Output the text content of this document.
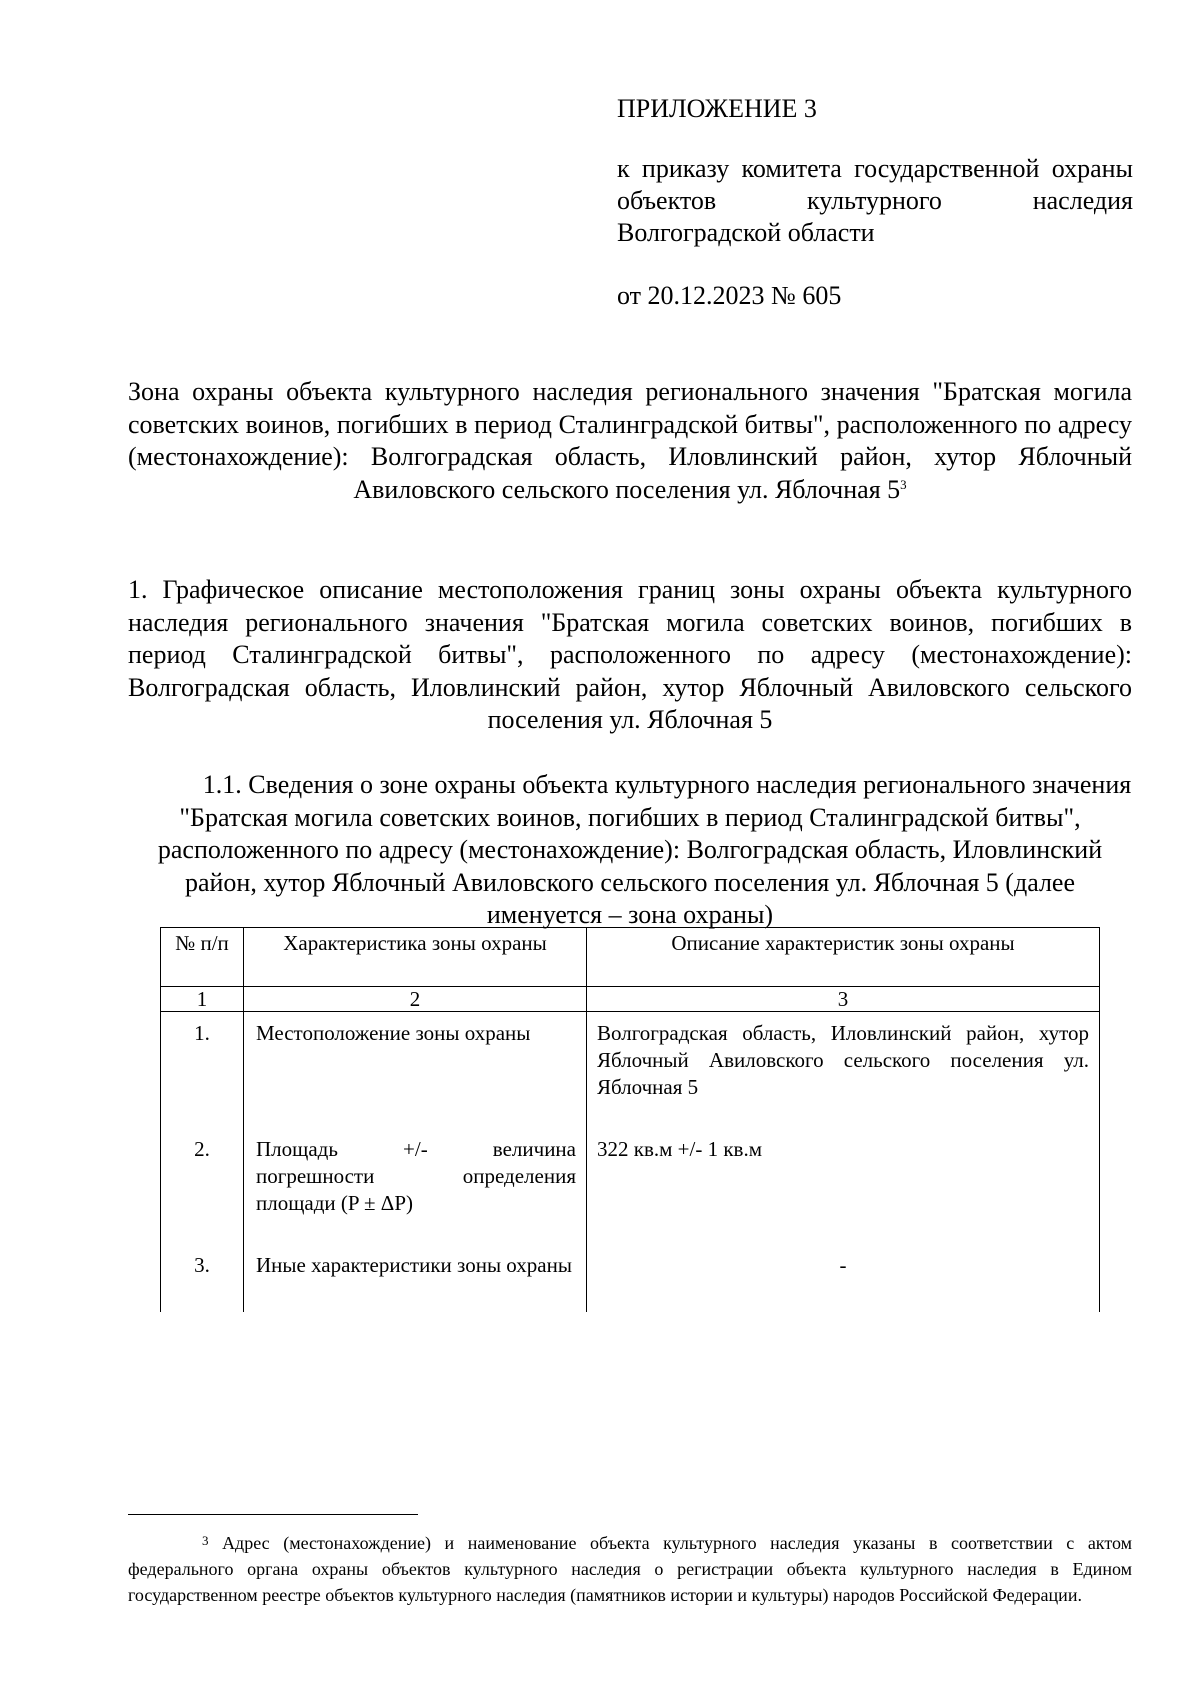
ПРИЛОЖЕНИЕ 3
к приказу комитета государственной охраны объектов культурного наследия Волгоградской области
от 20.12.2023 № 605
Зона охраны объекта культурного наследия регионального значения "Братская могила советских воинов, погибших в период Сталинградской битвы", расположенного по адресу (местонахождение): Волгоградская область, Иловлинский район, хутор Яблочный Авиловского сельского поселения ул. Яблочная $5^3$
1. Графическое описание местоположения границ зоны охраны объекта культурного наследия регионального значения "Братская могила советских воинов, погибших в период Сталинградской битвы", расположенного по адресу (местонахождение): Волгоградская область, Иловлинский район, хутор Яблочный Авиловского сельского поселения ул. Яблочная 5
1.1. Сведения о зоне охраны объекта культурного наследия регионального значения "Братская могила советских воинов, погибших в период Сталинградской битвы", расположенного по адресу (местонахождение): Волгоградская область, Иловлинский район, хутор Яблочный Авиловского сельского поселения ул. Яблочная 5 (далее именуется – зона охраны)
№ п/п	Характеристика зоны охраны	Описание характеристик зоны охраны
1	2	3
1.	Местоположение зоны охраны	Волгоградская область, Иловлинский район, хутор Яблочный Авиловского сельского поселения ул. Яблочная 5
2.	Площадь +/- величина погрешности определения площади (P ± ΔP)	322 кв.м +/- 1 кв.м
3.	Иные характеристики зоны охраны	-
$^3$ Адрес (местонахождение) и наименование объекта культурного наследия указаны в соответствии с актом федерального органа охраны объектов культурного наследия о регистрации объекта культурного наследия в Едином государственном реестре объектов культурного наследия (памятников истории и культуры) народов Российской Федерации.
